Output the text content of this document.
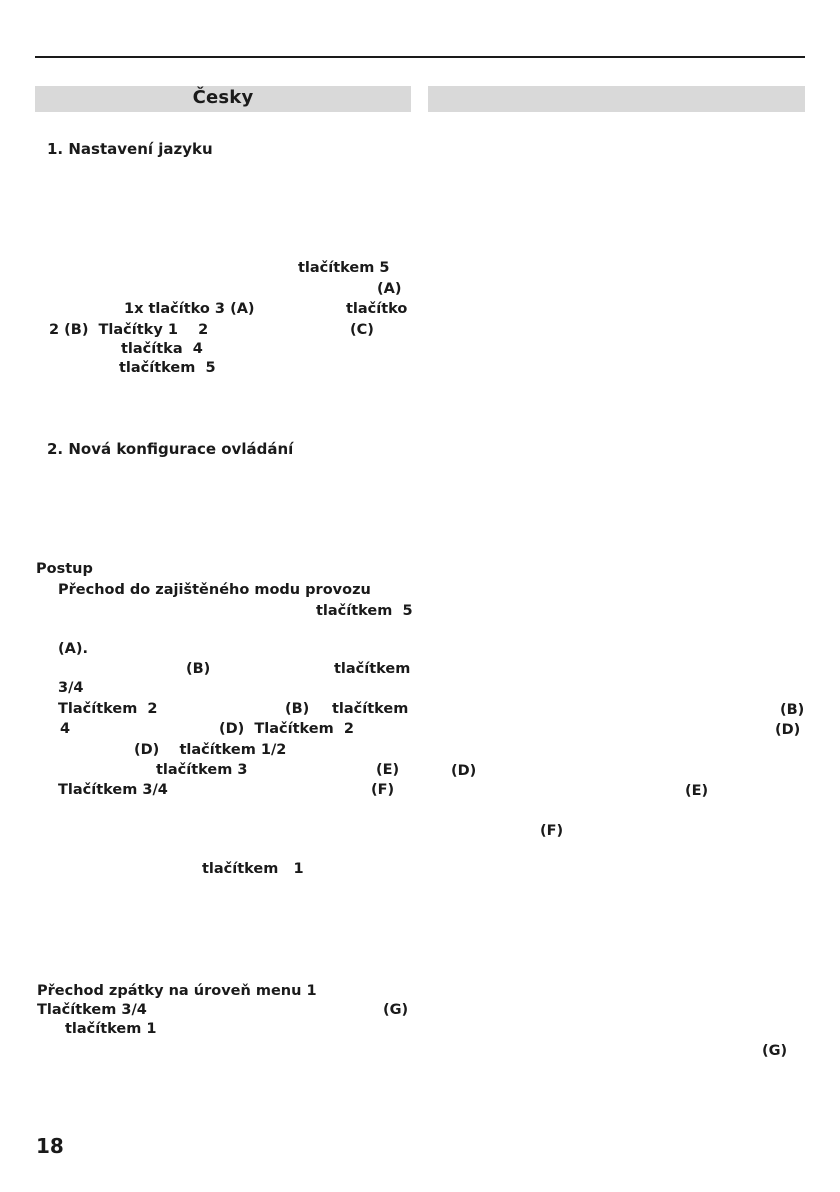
Česky
1. Nastavení jazyku
tlačítkem 5
(A)
1x tlačítko 3 (A)	tlačítko
2 (B)  Tlačítky 1    2	(C)
tlačítka  4
tlačítkem  5
2. Nová konfigurace ovládání
Postup
Přechod do zajištěného modu provozu
tlačítkem  5
(A).
(B)	tlačítkem
3/4
Tlačítkem  2	(B) tlačítkem
4	(D)  Tlačítkem  2
(D)    tlačítkem 1/2
tlačítkem 3	(E)
Tlačítkem 3/4	(F)
tlačítkem   1
Přechod zpátky na úroveň menu 1
Tlačítkem 3/4	(G)
tlačítkem 1
(B)
(D)
(D)
(E)
(F)
(G)
18
